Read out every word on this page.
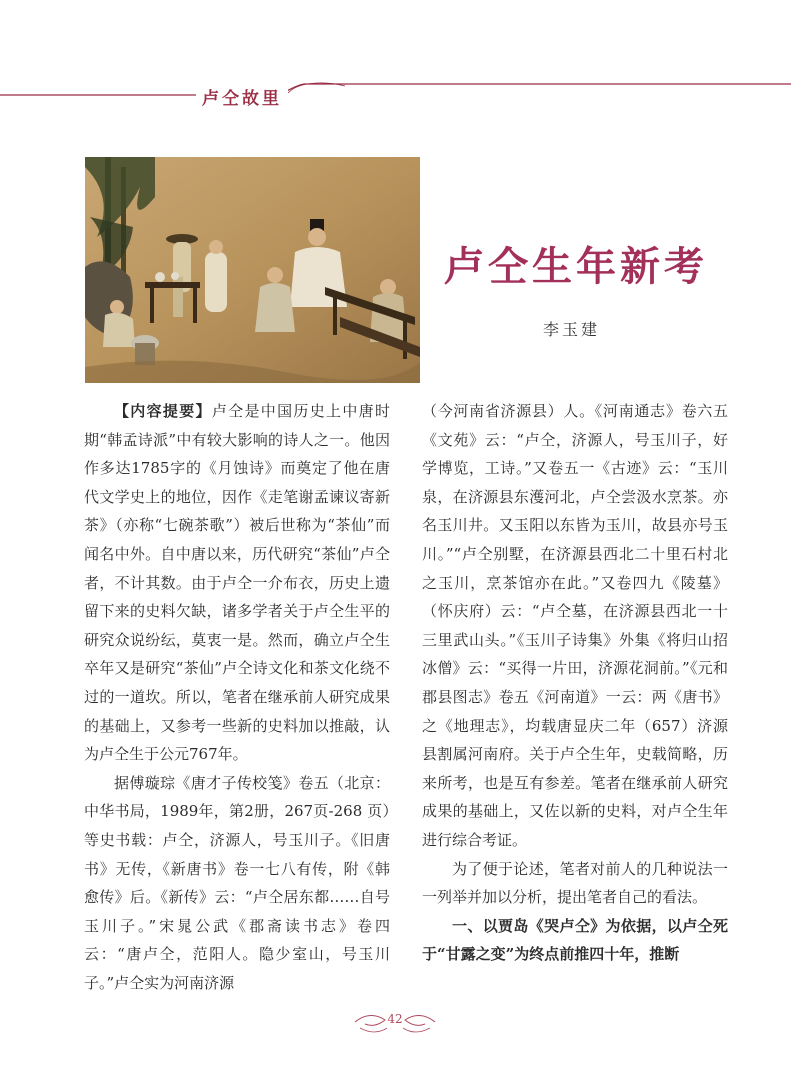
卢仝故里
卢仝生年新考
李玉建

【内容提要】卢仝是中国历史上中唐时期“韩孟诗派”中有较大影响的诗人之一。他因作多达1785字的《月蚀诗》而奠定了他在唐代文学史上的地位，因作《走笔谢孟谏议寄新茶》（亦称“七碗茶歌”）被后世称为“茶仙”而闻名中外。自中唐以来，历代研究“茶仙”卢仝者，不计其数。由于卢仝一介布衣，历史上遗留下来的史料欠缺，诸多学者关于卢仝生平的研究众说纷纭，莫衷一是。然而，确立卢仝生卒年又是研究“茶仙”卢仝诗文化和茶文化绕不过的一道坎。所以，笔者在继承前人研究成果的基础上，又参考一些新的史料加以推敲，认为卢仝生于公元767年。

据傅璇琮《唐才子传校笺》卷五（北京：中华书局，1989年，第2册，267页-268 页）等史书载：卢仝，济源人，号玉川子。《旧唐书》无传，《新唐书》卷一七八有传，附《韩愈传》后。《新传》云：“卢仝居东都……自号玉川子。”宋晁公武《郡斋读书志》卷四云：“唐卢仝，范阳人。隐少室山，号玉川子。”卢仝实为河南济源

（今河南省济源县）人。《河南通志》卷六五《文苑》云：“卢仝，济源人，号玉川子，好学博览，工诗。”又卷五一《古迹》云：“玉川泉，在济源县东濩河北，卢仝尝汲水烹茶。亦名玉川井。又玉阳以东皆为玉川，故县亦号玉川。”“卢仝别墅，在济源县西北二十里石村北之玉川，烹茶馆亦在此。”又卷四九《陵墓》（怀庆府）云：“卢仝墓，在济源县西北一十三里武山头。”《玉川子诗集》外集《将归山招冰僧》云：“买得一片田，济源花洞前。”《元和郡县图志》卷五《河南道》一云：两《唐书》之《地理志》，均载唐显庆二年（657）济源县割属河南府。关于卢仝生年，史载简略，历来所考，也是互有参差。笔者在继承前人研究成果的基础上，又佐以新的史料，对卢仝生年进行综合考证。

为了便于论述，笔者对前人的几种说法一一列举并加以分析，提出笔者自己的看法。

一、以贾岛《哭卢仝》为依据，以卢仝死于“甘露之变”为终点前推四十年，推断

42
